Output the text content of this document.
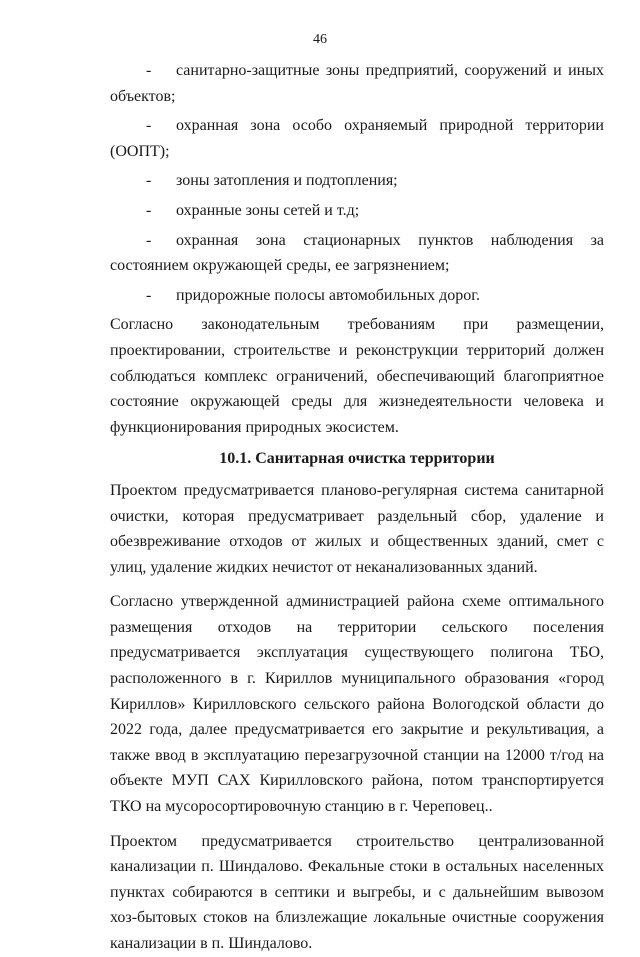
46

- санитарно-защитные зоны предприятий, сооружений и иных объектов;

- охранная зона особо охраняемый природной территории (ООПТ);

- зоны затопления и подтопления;

- охранные зоны сетей и т.д;

- охранная зона стационарных пунктов наблюдения за состоянием окружающей среды, ее загрязнением;

- придорожные полосы автомобильных дорог.

Согласно законодательным требованиям при размещении, проектировании, строительстве и реконструкции территорий должен соблюдаться комплекс ограничений, обеспечивающий благоприятное состояние окружающей среды для жизнедеятельности человека и функционирования природных экосистем.

10.1. Санитарная очистка территории

Проектом предусматривается планово-регулярная система санитарной очистки, которая предусматривает раздельный сбор, удаление и обезвреживание отходов от жилых и общественных зданий, смет с улиц, удаление жидких нечистот от неканализованных зданий.

Согласно утвержденной администрацией района схеме оптимального размещения отходов на территории сельского поселения предусматривается эксплуатация существующего полигона ТБО, расположенного в г. Кириллов муниципального образования «город Кириллов» Кирилловского сельского района Вологодской области до 2022 года, далее предусматривается его закрытие и рекультивация, а также ввод в эксплуатацию перезагрузочной станции на 12000 т/год на объекте МУП САХ Кирилловского района, потом транспортируется ТКО на мусоросортировочную станцию в г. Череповец..

Проектом предусматривается строительство централизованной канализации п. Шиндалово. Фекальные стоки в остальных населенных пунктах собираются в септики и выгребы, и с дальнейшим вывозом хоз-бытовых стоков на близлежащие локальные очистные сооружения канализации в п. Шиндалово.
